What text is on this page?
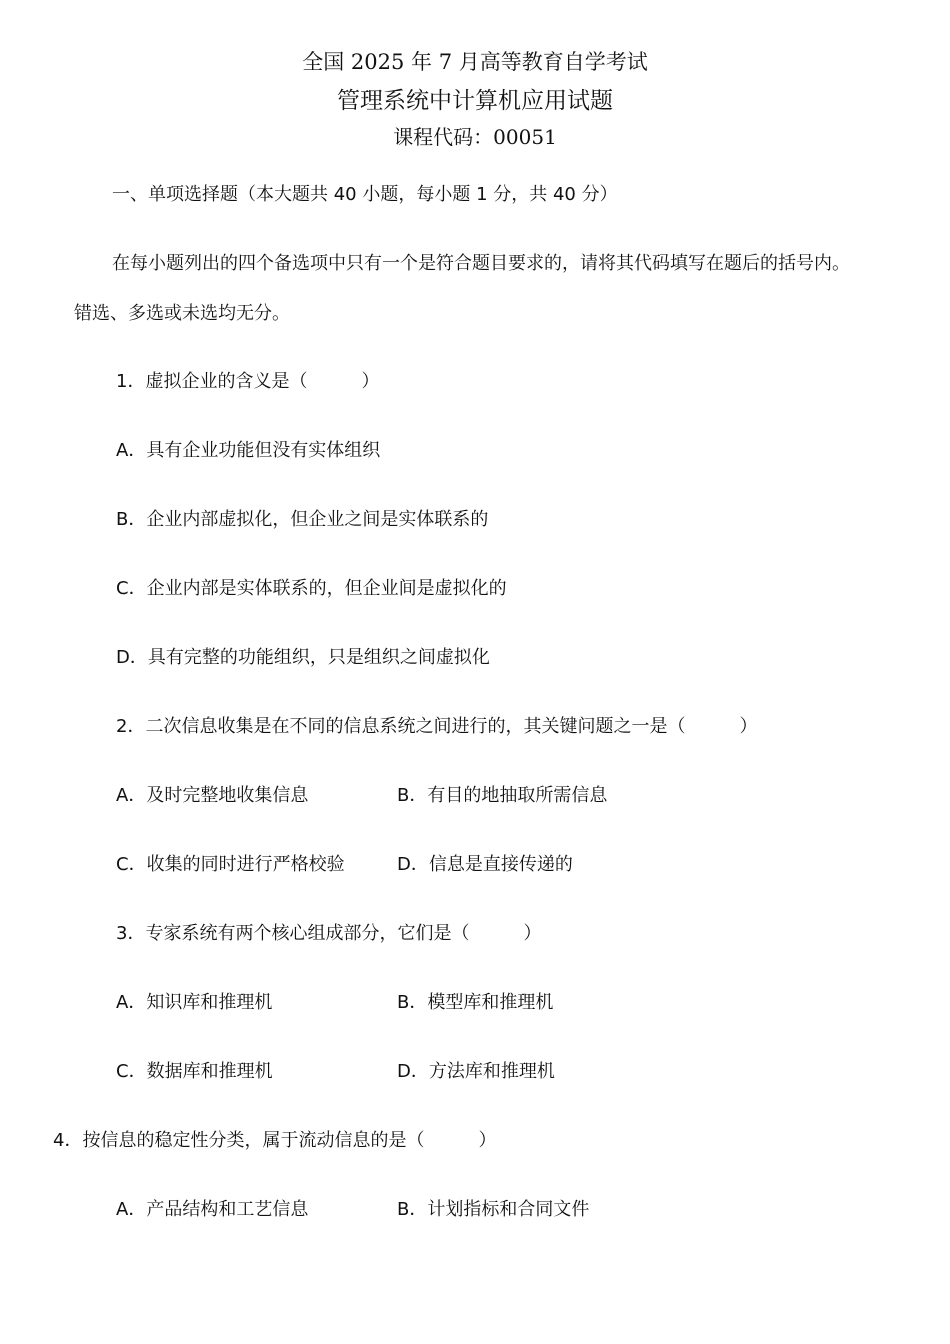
全国 2025 年 7 月高等教育自学考试
管理系统中计算机应用试题
课程代码：00051
一、单项选择题（本大题共 40 小题，每小题 1 分，共 40 分）
在每小题列出的四个备选项中只有一个是符合题目要求的，请将其代码填写在题后的括号内。
错选、多选或未选均无分。
1．虚拟企业的含义是（　　　）
A．具有企业功能但没有实体组织
B．企业内部虚拟化，但企业之间是实体联系的
C．企业内部是实体联系的，但企业间是虚拟化的
D．具有完整的功能组织，只是组织之间虚拟化
2．二次信息收集是在不同的信息系统之间进行的，其关键问题之一是（　　　）
A．及时完整地收集信息	B．有目的地抽取所需信息
C．收集的同时进行严格校验	D．信息是直接传递的
3．专家系统有两个核心组成部分，它们是（　　　）
A．知识库和推理机	B．模型库和推理机
C．数据库和推理机	D．方法库和推理机
4．按信息的稳定性分类，属于流动信息的是（　　　）
A．产品结构和工艺信息	B．计划指标和合同文件
